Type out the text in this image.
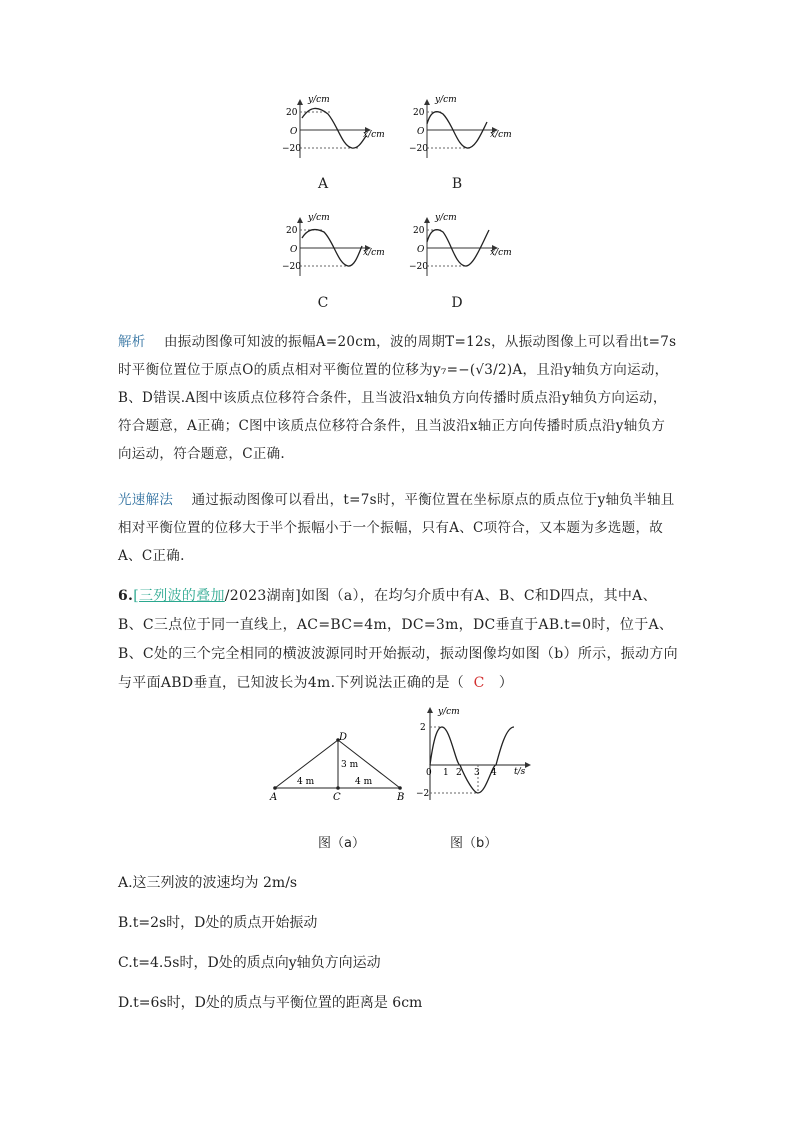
y/cm
x/cm
20
O
−20
y/cm
x/cm
20
O
−20
y/cm
x/cm
20
O
−20
y/cm
x/cm
20
O
−20
A	B
C	D
解析 由振动图像可知波的振幅A=20cm，波的周期T=12s，从振动图像上可以看出t=7s时平衡位置位于原点O的质点相对平衡位置的位移为y₇=−(√3/2)A，且沿y轴负方向运动，B、D错误.A图中该质点位移符合条件，且当波沿x轴负方向传播时质点沿y轴负方向运动，符合题意，A正确；C图中该质点位移符合条件，且当波沿x轴正方向传播时质点沿y轴负方向运动，符合题意，C正确.
光速解法 通过振动图像可以看出，t=7s时，平衡位置在坐标原点的质点位于y轴负半轴且相对平衡位置的位移大于半个振幅小于一个振幅，只有A、C项符合，又本题为多选题，故A、C正确.
6.[三列波的叠加/2023湖南]如图（a），在均匀介质中有A、B、C和D四点，其中A、B、C三点位于同一直线上，AC=BC=4m，DC=3m，DC垂直于AB.t=0时，位于A、B、C处的三个完全相同的横波波源同时开始振动，振动图像均如图（b）所示，振动方向与平面ABD垂直，已知波长为4m.下列说法正确的是（ C ）
A	B
C
D
4 m	4 m
3 m
y/cm
t/s
2
−2
0 1 2 3 4
图（a）	图（b）
A.这三列波的波速均为 2m/s
B.t=2s时，D处的质点开始振动
C.t=4.5s时，D处的质点向y轴负方向运动
D.t=6s时，D处的质点与平衡位置的距离是 6cm
